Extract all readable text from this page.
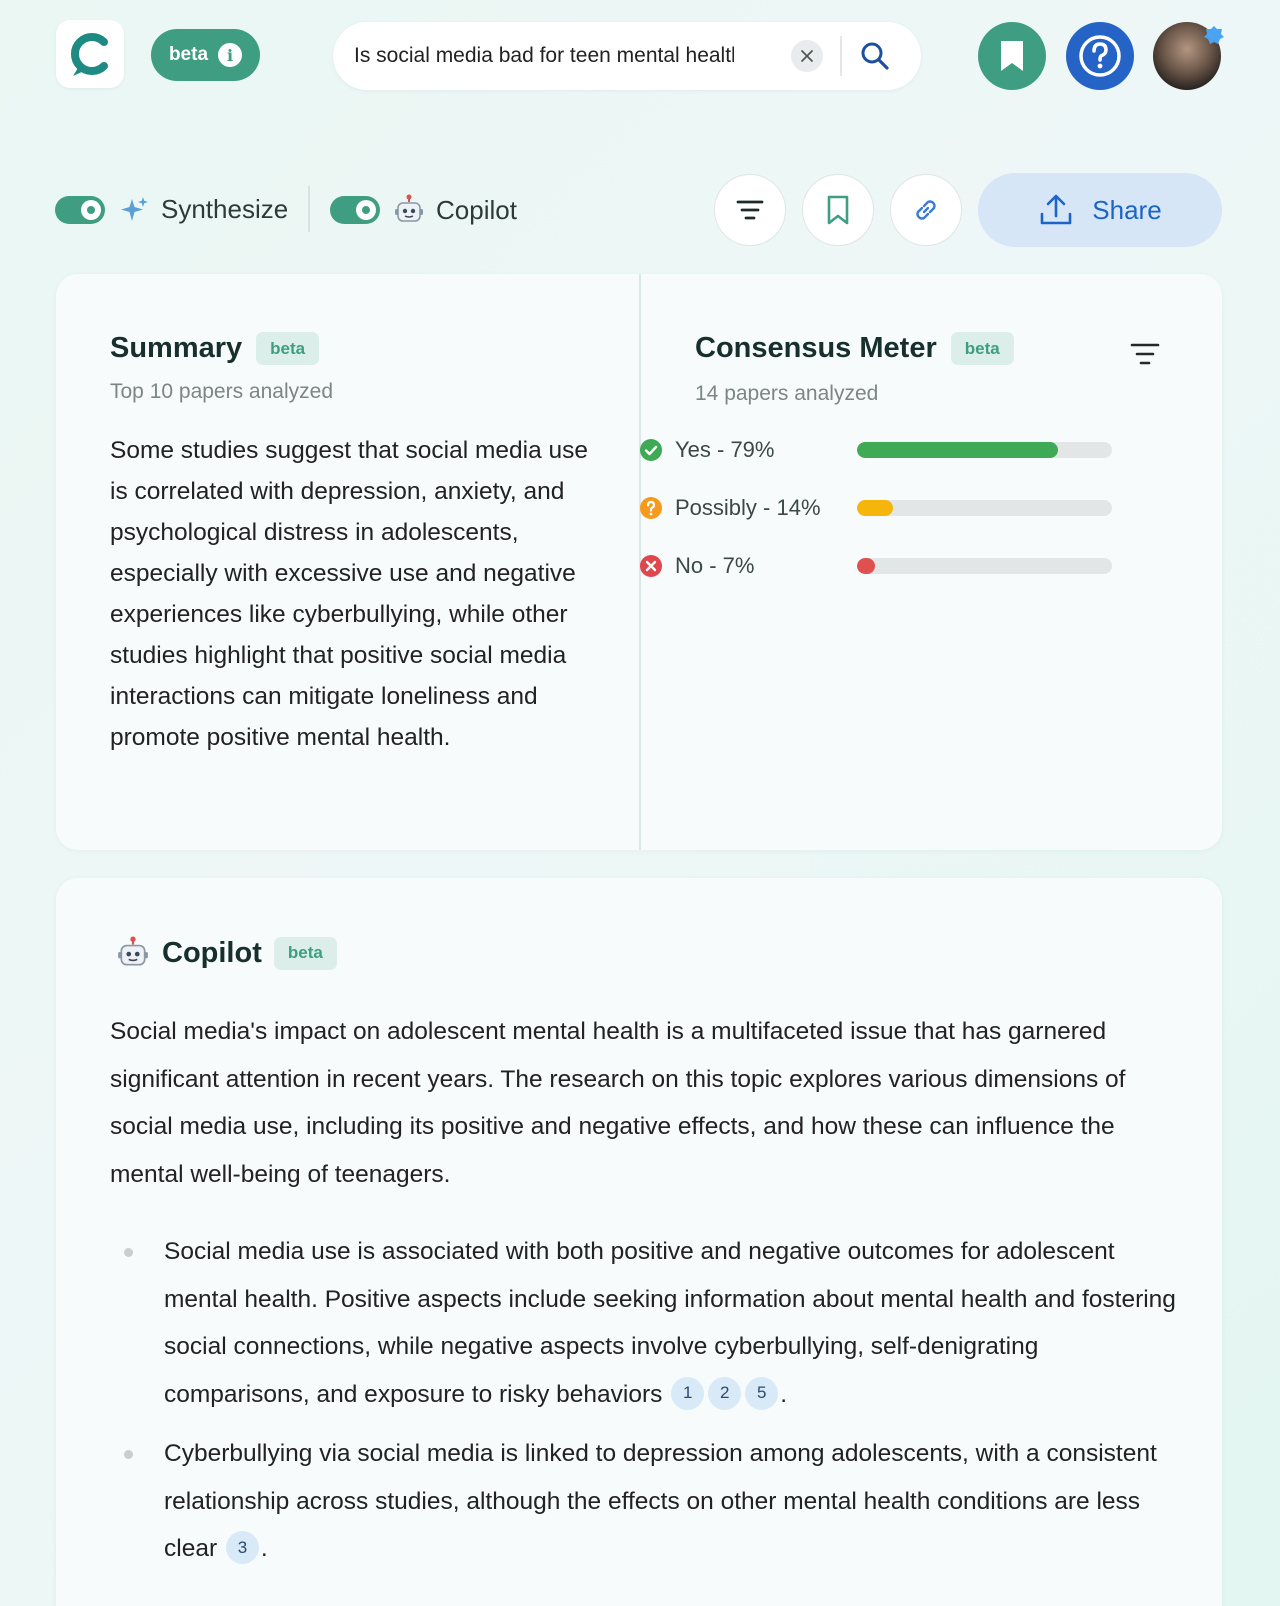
beta	i
Is social media bad for teen mental health
Synthesize	Copilot	Share
Summary	beta
Top 10 papers analyzed
Some studies suggest that social media use is correlated with depression, anxiety, and psychological distress in adolescents, especially with excessive use and negative experiences like cyberbullying, while other studies highlight that positive social media interactions can mitigate loneliness and promote positive mental health.
Consensus Meter	beta
14 papers analyzed
Yes - 79%
Possibly - 14%
No - 7%
Copilot	beta
Social media's impact on adolescent mental health is a multifaceted issue that has garnered significant attention in recent years. The research on this topic explores various dimensions of social media use, including its positive and negative effects, and how these can influence the mental well-being of teenagers.
Social media use is associated with both positive and negative outcomes for adolescent mental health. Positive aspects include seeking information about mental health and fostering social connections, while negative aspects involve cyberbullying, self-denigrating comparisons, and exposure to risky behaviors 1 2 5 .
Cyberbullying via social media is linked to depression among adolescents, with a consistent relationship across studies, although the effects on other mental health conditions are less clear 3 .
